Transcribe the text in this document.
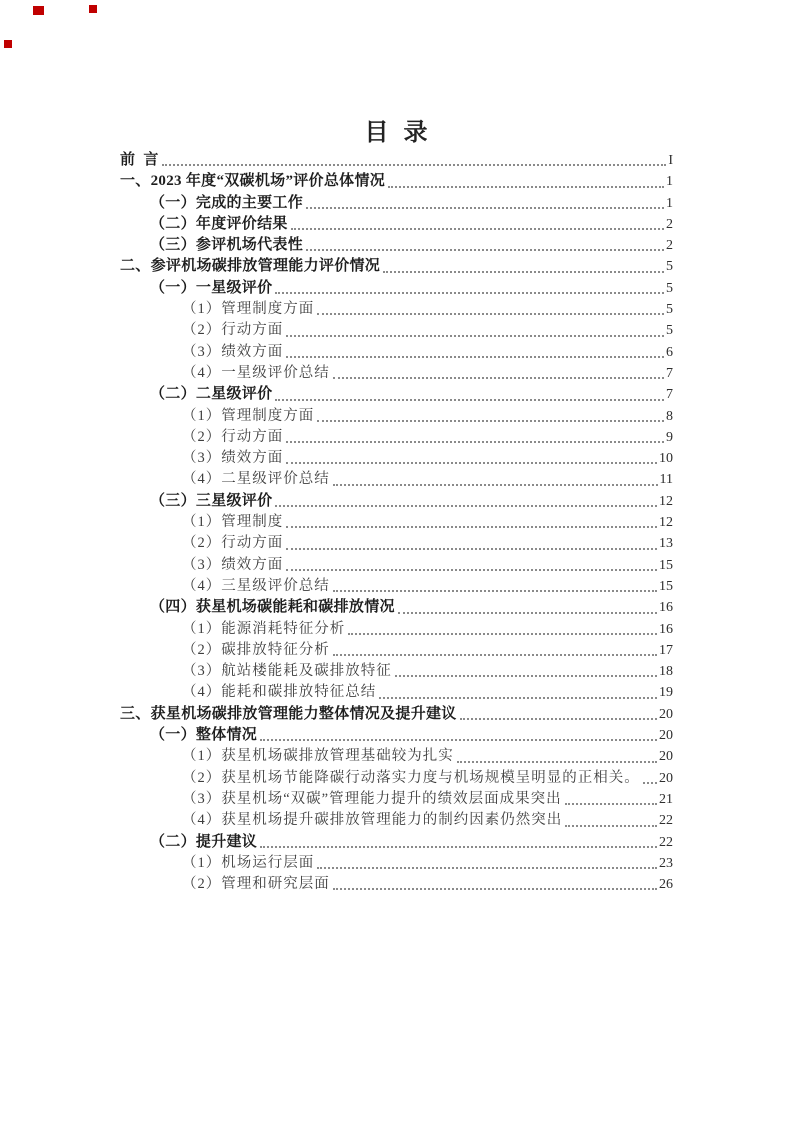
目  录
前  言	I
一、2023 年度“双碳机场”评价总体情况	1
（一）完成的主要工作	1
（二）年度评价结果	2
（三）参评机场代表性	2
二、参评机场碳排放管理能力评价情况	5
（一）一星级评价	5
（1）管理制度方面	5
（2）行动方面	5
（3）绩效方面	6
（4）一星级评价总结	7
（二）二星级评价	7
（1）管理制度方面	8
（2）行动方面	9
（3）绩效方面	10
（4）二星级评价总结	11
（三）三星级评价	12
（1）管理制度	12
（2）行动方面	13
（3）绩效方面	15
（4）三星级评价总结	15
（四）获星机场碳能耗和碳排放情况	16
（1）能源消耗特征分析	16
（2）碳排放特征分析	17
（3）航站楼能耗及碳排放特征	18
（4）能耗和碳排放特征总结	19
三、获星机场碳排放管理能力整体情况及提升建议	20
（一）整体情况	20
（1）获星机场碳排放管理基础较为扎实	20
（2）获星机场节能降碳行动落实力度与机场规模呈明显的正相关。 20
（3）获星机场“双碳”管理能力提升的绩效层面成果突出	21
（4）获星机场提升碳排放管理能力的制约因素仍然突出	22
（二）提升建议	22
（1）机场运行层面	23
（2）管理和研究层面	26
